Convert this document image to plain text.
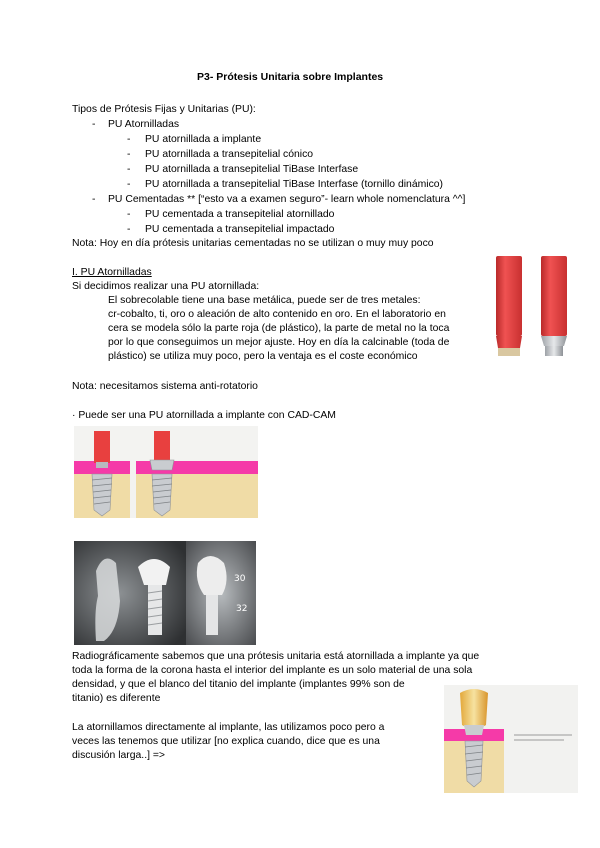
P3- Prótesis Unitaria sobre Implantes
Tipos de Prótesis Fijas y Unitarias (PU):
- PU Atornilladas
- PU atornillada a implante
- PU atornillada a transepitelial cónico
- PU atornillada a transepitelial TiBase Interfase
- PU atornillada a transepitelial TiBase Interfase (tornillo dinámico)
- PU Cementadas ** [“esto va a examen seguro”- learn whole nomenclatura ^^]
- PU cementada a transepitelial atornillado
- PU cementada a transepitelial impactado
Nota: Hoy en día prótesis unitarias cementadas no se utilizan o muy muy poco
I. PU Atornilladas
Si decidimos realizar una PU atornillada:
El sobrecolable tiene una base metálica, puede ser de tres metales:
cr-cobalto, ti, oro o aleación de alto contenido en oro. En el laboratorio en
cera se modela sólo la parte roja (de plástico), la parte de metal no la toca
por lo que conseguimos un mejor ajuste. Hoy en día la calcinable (toda de
plástico) se utiliza muy poco, pero la ventaja es el coste económico
Nota: necesitamos sistema anti-rotatorio
· Puede ser una PU atornillada a implante con CAD-CAM
30
32
Radiográficamente sabemos que una prótesis unitaria está atornillada a implante ya que
toda la forma de la corona hasta el interior del implante es un solo material de una sola
densidad, y que el blanco del titanio del implante (implantes 99% son de
titanio) es diferente
La atornillamos directamente al implante, las utilizamos poco pero a
veces las tenemos que utilizar [no explica cuando, dice que es una
discusión larga..] =>
